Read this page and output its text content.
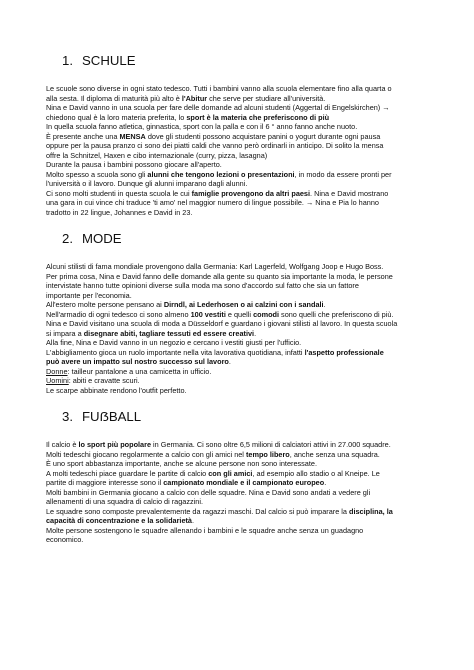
1. SCHULE

Le scuole sono diverse in ogni stato tedesco. Tutti i bambini vanno alla scuola elementare fino alla quarta o

alla sesta. Il diploma di maturità più alto è l'Abitur che serve per studiare all'università.

Nina e David vanno in una scuola per fare delle domande ad alcuni studenti (Aggertal di Engelskirchen) →

chiedono qual è la loro materia preferita, lo sport è la materia che preferiscono di più

In quella scuola fanno atletica, ginnastica, sport con la palla e con il 6 ° anno fanno anche nuoto.

È presente anche una MENSA dove gli studenti possono acquistare panini o yogurt durante ogni pausa

oppure per la pausa pranzo ci sono dei piatti caldi che vanno però ordinarli in anticipo. Di solito la mensa

offre la Schnitzel, Haxen e cibo internazionale (curry, pizza, lasagna)

Durante la pausa i bambini possono giocare all'aperto.

Molto spesso a scuola sono gli alunni che tengono lezioni o presentazioni, in modo da essere pronti per

l'università o il lavoro. Dunque gli alunni imparano dagli alunni.

Ci sono molti studenti in questa scuola le cui famiglie provengono da altri paesi. Nina e David mostrano

una gara in cui vince chi traduce 'ti amo' nel maggior numero di lingue possibile. → Nina e Pia lo hanno

tradotto in 22 lingue, Johannes e David in 23.

2. MODE

Alcuni stilisti di fama mondiale provengono dalla Germania: Karl Lagerfeld, Wolfgang Joop e Hugo Boss.

Per prima cosa, Nina e David fanno delle domande alla gente su quanto sia importante la moda, le persone

intervistate hanno tutte opinioni diverse sulla moda ma sono d'accordo sul fatto che sia un fattore

importante per l'economia.

All'estero molte persone pensano ai Dirndl, ai Lederhosen o ai calzini con i sandali.

Nell'armadio di ogni tedesco ci sono almeno 100 vestiti e quelli comodi sono quelli che preferiscono di più.

Nina e David visitano una scuola di moda a Düsseldorf e guardano i giovani stilisti al lavoro. In questa scuola

si impara a disegnare abiti, tagliare tessuti ed essere creativi.

Alla fine, Nina e David vanno in un negozio e cercano i vestiti giusti per l'ufficio.

L'abbigliamento gioca un ruolo importante nella vita lavorativa quotidiana, infatti l'aspetto professionale

può avere un impatto sul nostro successo sul lavoro.

Donne: tailleur pantalone a una camicetta in ufficio.

Uomini: abiti e cravatte scuri.

Le scarpe abbinate rendono l'outfit perfetto.

3. FUẞBALL

Il calcio è lo sport più popolare in Germania. Ci sono oltre 6,5 milioni di calciatori attivi in 27.000 squadre.

Molti tedeschi giocano regolarmente a calcio con gli amici nel tempo libero, anche senza una squadra.

È uno sport abbastanza importante, anche se alcune persone non sono interessate.

A molti tedeschi piace guardare le partite di calcio con gli amici, ad esempio allo stadio o al Kneipe. Le

partite di maggiore interesse sono il campionato mondiale e il campionato europeo.

Molti bambini in Germania giocano a calcio con delle squadre. Nina e David sono andati a vedere gli

allenamenti di una squadra di calcio di ragazzini.

Le squadre sono composte prevalentemente da ragazzi maschi. Dal calcio si può imparare la disciplina, la

capacità di concentrazione e la solidarietà.

Molte persone sostengono le squadre allenando i bambini e le squadre anche senza un guadagno

economico.
